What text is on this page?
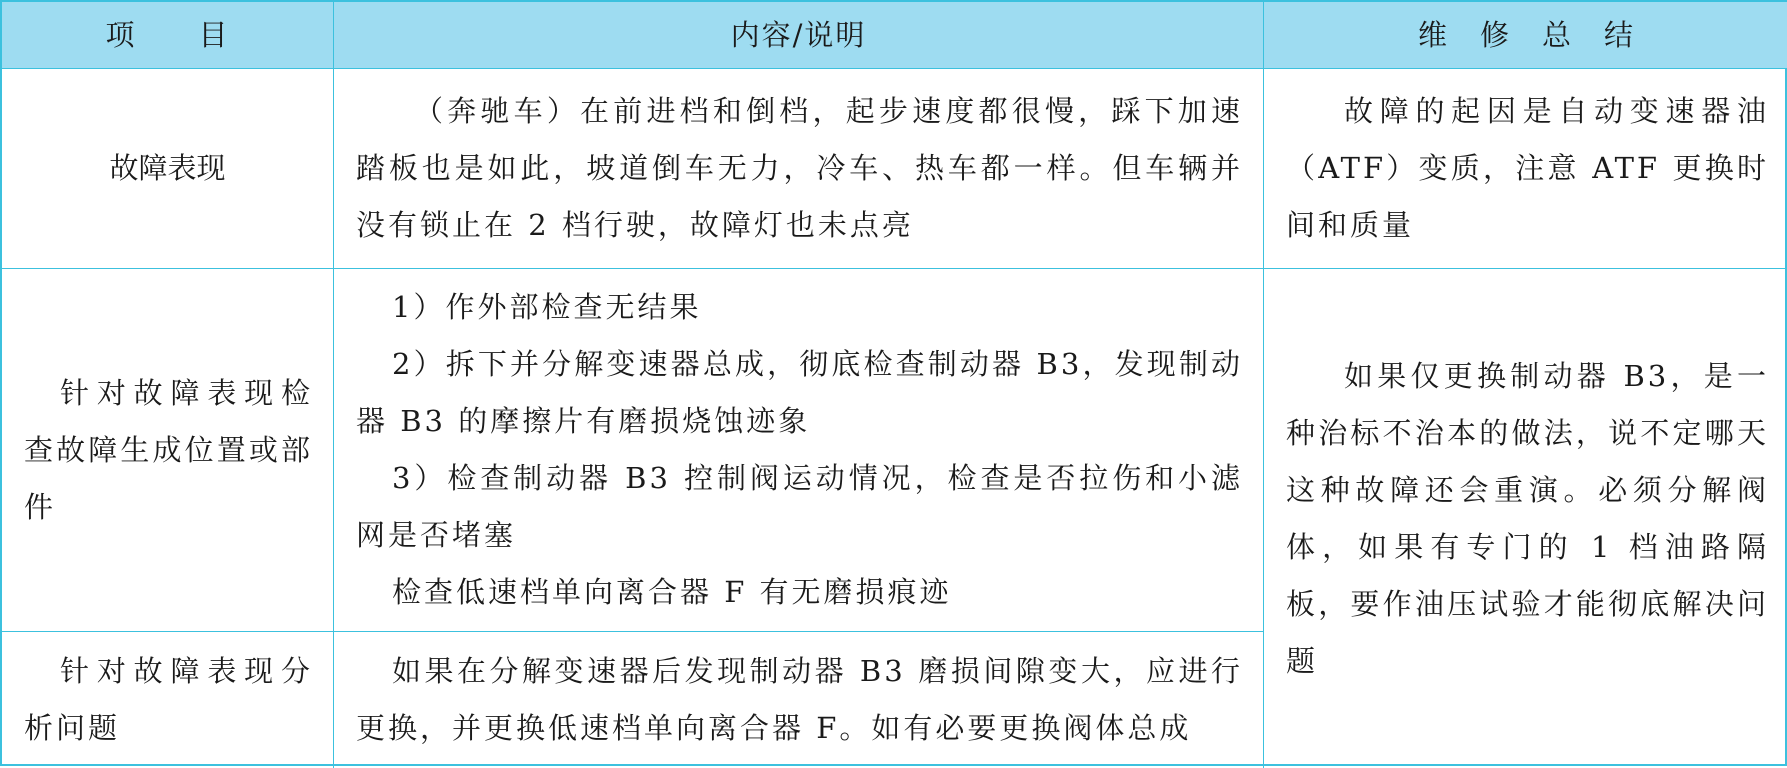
项　　目	内容/说明	维　修　总　结
故障表现

（奔驰车）在前进档和倒档，起步速度都很慢，踩下加速踏板也是如此，坡道倒车无力，冷车、热车都一样。但车辆并没有锁止在 2 档行驶，故障灯也未点亮

故障的起因是自动变速器油（ATF）变质，注意 ATF 更换时间和质量

针对故障表现检查故障生成位置或部件

1）作外部检查无结果

2）拆下并分解变速器总成，彻底检查制动器 B3，发现制动器 B3 的摩擦片有磨损烧蚀迹象

3）检查制动器 B3 控制阀运动情况，检查是否拉伤和小滤网是否堵塞

检查低速档单向离合器 F 有无磨损痕迹

如果仅更换制动器 B3，是一种治标不治本的做法，说不定哪天这种故障还会重演。必须分解阀体，如果有专门的 1 档油路隔板，要作油压试验才能彻底解决问题

针对故障表现分析问题

如果在分解变速器后发现制动器 B3 磨损间隙变大，应进行更换，并更换低速档单向离合器 F。如有必要更换阀体总成
